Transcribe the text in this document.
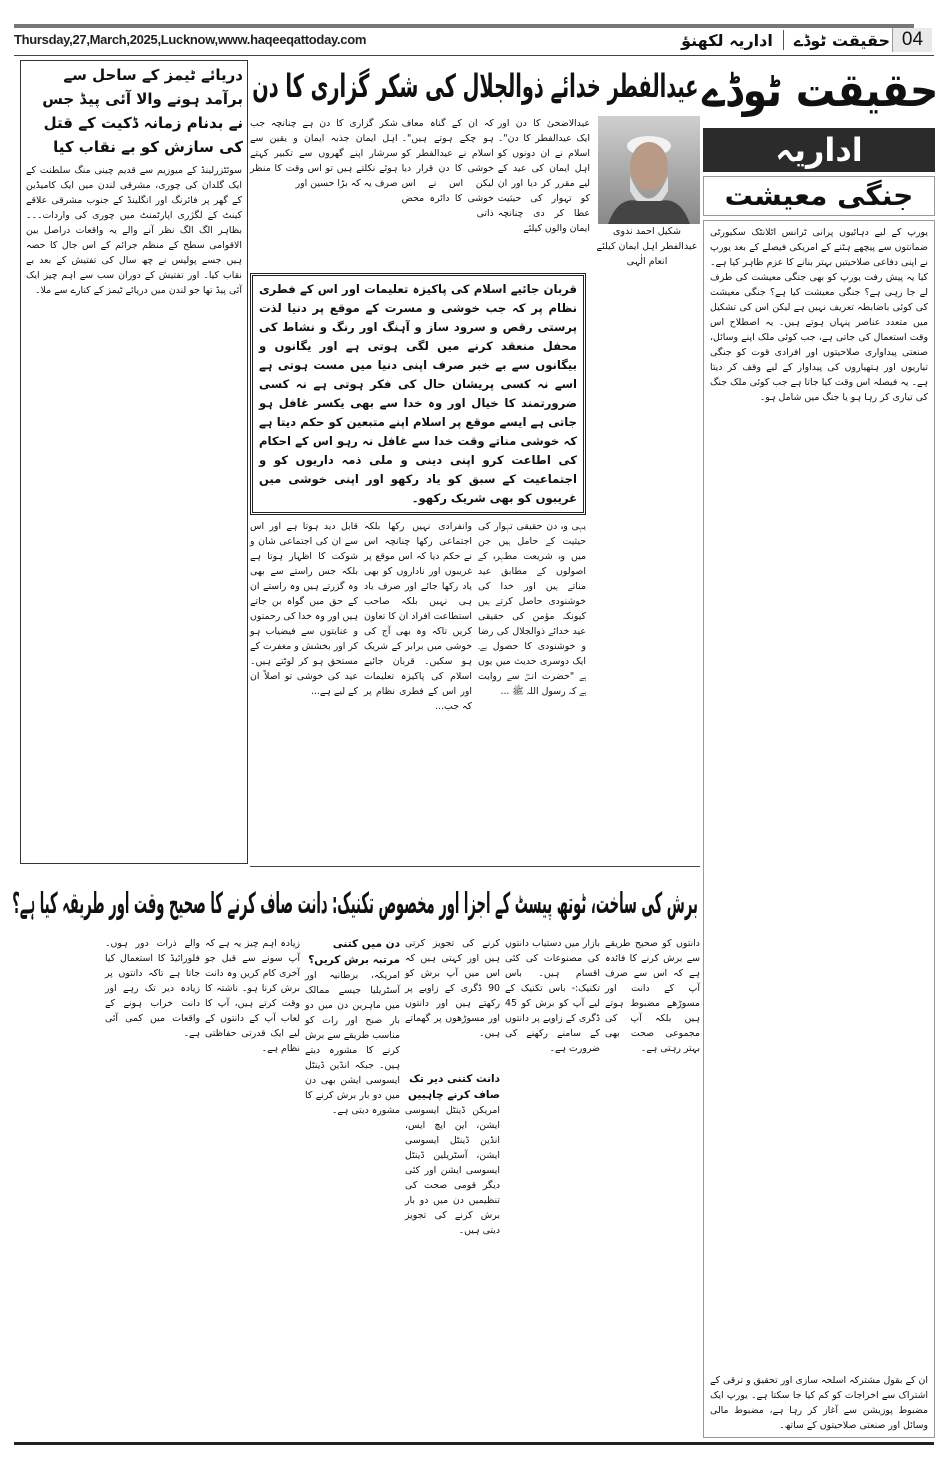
Thursday,27,March,2025,Lucknow,www.haqeeqattoday.com	04
حقیقت ٹوڈے
اداریہ لکھنؤ
دریائے ٹیمز کے ساحل سے برآمد ہونے والا آئی پیڈ جس نے بدنام زمانہ ڈکیت کے قتل کی سازش کو بے نقاب کیا
سوئٹزرلینڈ کے میوزیم سے قدیم چینی منگ سلطنت کے ایک گلدان کی چوری، مشرقی لندن میں ایک کامیڈین کے گھر پر فائرنگ اور انگلینڈ کے جنوب مشرقی علاقے کینٹ کے لگژری اپارٹمنٹ میں چوری کی واردات۔۔۔ بظاہر الگ الگ نظر آنے والے یہ واقعات دراصل بین الاقوامی سطح کے منظم جرائم کے اس جال کا حصہ ہیں جسے پولیس نے چھ سال کی تفتیش کے بعد بے نقاب کیا۔ اور تفتیش کے دوران سب سے اہم چیز ایک آئی پیڈ تھا جو لندن میں دریائے ٹیمز کے کنارے سے ملا۔
عیدالفطر خدائے ذوالجلال کی شکر گزاری کا دن
شکیل احمد ندوی
عیدالفطر اہل ایمان کیلئے انعام الٰہی
عیدالاضحیٰ کا دن اور ایک عیدالفطر کا دن"۔ اسلام نے ان دونوں کو اہل ایمان کی عید کے لیے مقرر کر دیا اور ان کو تہوار کی حیثیت عطا کر دی چنانچہ ایمان والوں کیلئے
کہ ان کے گناہ معاف ہو چکے ہوتے ہیں"۔ اسلام نے عیدالفطر کو خوشی کا دن قرار دیا لیکن اس نے اس خوشی کا دائرہ محض ذاتی
شکر گزاری کا دن ہے چنانچہ جب اہل ایمان جذبہ ایمان و یقین سے سرشار اپنے گھروں سے تکبیر کہتے ہوئے نکلتے ہیں تو اس وقت کا منظر صرف یہ کہ بڑا حسین اور
قربان جائیے اسلام کی پاکیزہ تعلیمات اور اس کے فطری نظام پر کہ جب خوشی و مسرت کے موقع پر دنیا لذت پرستی رقص و سرود ساز و آہنگ اور رنگ و نشاط کی محفل منعقد کرنے میں لگی ہوتی ہے اور یگانوں و بیگانوں سے بے خبر صرف اپنی دنیا میں مست ہوتی ہے اسے نہ کسی پریشان حال کی فکر ہوتی ہے نہ کسی ضرورتمند کا خیال اور وہ خدا سے بھی یکسر غافل ہو جاتی ہے ایسے موقع پر اسلام اپنے متبعین کو حکم دیتا ہے کہ خوشی مناتے وقت خدا سے غافل نہ رہو اس کے احکام کی اطاعت کرو اپنی دینی و ملی ذمہ داریوں کو و اجتماعیت کے سبق کو یاد رکھو اور اپنی خوشی میں غریبوں کو بھی شریک رکھو۔
یہی وہ دن حقیقی تہوار کی حیثیت کے حامل ہیں جن میں وہ شریعت مطہرہ کے اصولوں کے مطابق عید مناتے ہیں اور خدا کی خوشنودی حاصل کرتے ہیں کیونکہ مؤمن کی حقیقی عید خدائے ذوالجلال کی رضا و خوشنودی کا حصول ہے۔ ایک دوسری حدیث میں یوں ہے "حضرت انسؓ سے روایت ہے کہ رسول اللہ ﷺ ...
وانفرادی نہیں رکھا بلکہ اجتماعی رکھا چنانچہ اس نے حکم دیا کہ اس موقع پر غریبوں اور ناداروں کو بھی یاد رکھا جائے اور صرف یاد ہی نہیں بلکہ صاحب استطاعت افراد ان کا تعاون کریں تاکہ وہ بھی آج کی خوشی میں برابر کے شریک ہو سکیں۔ قربان جائیے اسلام کی پاکیزہ تعلیمات اور اس کے فطری نظام پر کہ جب...
قابل دید ہوتا ہے اور اس سے ان کی اجتماعی شان و شوکت کا اظہار ہوتا ہے بلکہ جس راستے سے بھی وہ گزرتے ہیں وہ راستے ان کے حق میں گواہ بن جاتے ہیں اور وہ خدا کی رحمتوں و عنایتوں سے فیضیاب ہو کر اور بخشش و مغفرت کے مستحق ہو کر لوٹتے ہیں۔ عید کی خوشی تو اصلاً ان کے لیے ہے...
حقیقت ٹوڈے
اداریہ
جنگی معیشت

یورپ کے لیے دہائیوں پرانی ٹرانس اٹلانٹک سکیورٹی ضمانتوں سے پیچھے ہٹنے کے امریکی فیصلے کے بعد یورپ نے اپنی دفاعی صلاحیتیں بہتر بنانے کا عزم ظاہر کیا ہے۔ کیا یہ پیش رفت یورپ کو بھی جنگی معیشت کی طرف لے جا رہی ہے؟ جنگی معیشت کیا ہے؟ جنگی معیشت کی کوئی باضابطہ تعریف نہیں ہے لیکن اس کی تشکیل میں متعدد عناصر پنہاں ہوتے ہیں۔ یہ اصطلاح اس وقت استعمال کی جاتی ہے، جب کوئی ملک اپنے وسائل، صنعتی پیداواری صلاحیتوں اور افرادی قوت کو جنگی تیاریوں اور ہتھیاروں کی پیداوار کے لیے وقف کر دیتا ہے۔ یہ فیصلہ اس وقت کیا جاتا ہے جب کوئی ملک جنگ کی تیاری کر رہا ہو یا جنگ میں شامل ہو۔

ان کے بقول مشترکہ اسلحہ سازی اور تحقیق و ترقی کے اشتراک سے اخراجات کو کم کیا جا سکتا ہے۔ یورپ ایک مضبوط پوزیشن سے آغاز کر رہا ہے، مضبوط مالی وسائل اور صنعتی صلاحیتوں کے ساتھ۔

برش کی ساخت، ٹوتھ پیسٹ کے اجزا اور مخصوص تکنیک: دانت صاف کرنے کا صحیح وقت اور طریقہ کیا ہے؟
دانتوں کو صحیح طریقے سے برش کرنے کا فائدہ ہے کہ اس سے صرف آپ کے دانت اور مسوڑھے مضبوط ہوتے ہیں بلکہ آپ کی مجموعی صحت بھی بہتر رہتی ہے۔
بازار میں دستیاب دانتوں کی مصنوعات کی کئی اقسام ہیں۔ باس تکنیک:- باس تکنیک کے لیے آپ کو برش کو 45 ڈگری کے زاویے پر دانتوں کے سامنے رکھنے کی ضرورت ہے۔

کرنے کی تجویز کرتی ہیں اور کہتی ہیں کہ اس میں آپ برش کو 90 ڈگری کے زاویے پر رکھتے ہیں اور دانتوں اور مسوڑھوں پر گھماتے ہیں۔

دانت کتنی دیر تک صاف کرنے چاہییں

امریکن ڈینٹل ایسوسی ایشن، این ایچ ایس، انڈین ڈینٹل ایسوسی ایشن، آسٹریلین ڈینٹل ایسوسی ایشن اور کئی دیگر قومی صحت کی تنظیمیں دن میں دو بار برش کرنے کی تجویز دیتی ہیں۔

دن میں کتنی مرتبہ برش کریں؟

امریکہ، برطانیہ اور آسٹریلیا جیسے ممالک میں ماہرین دن میں دو بار صبح اور رات کو مناسب طریقے سے برش کرنے کا مشورہ دیتے ہیں۔ جبکہ انڈین ڈینٹل ایسوسی ایشن بھی دن میں دو بار برش کرنے کا مشورہ دیتی ہے۔

زیادہ اہم چیز یہ ہے کہ آپ سونے سے قبل جو آخری کام کریں وہ دانت برش کرنا ہو۔ ناشتہ کا وقت کرتے ہیں، آپ کا لعاب آپ کے دانتوں کے لیے ایک قدرتی حفاظتی نظام ہے۔
والے ذرات دور ہوں۔ فلورائیڈ کا استعمال کیا جاتا ہے تاکہ دانتوں پر زیادہ دیر تک رہے اور دانت خراب ہونے کے واقعات میں کمی آئی ہے۔
